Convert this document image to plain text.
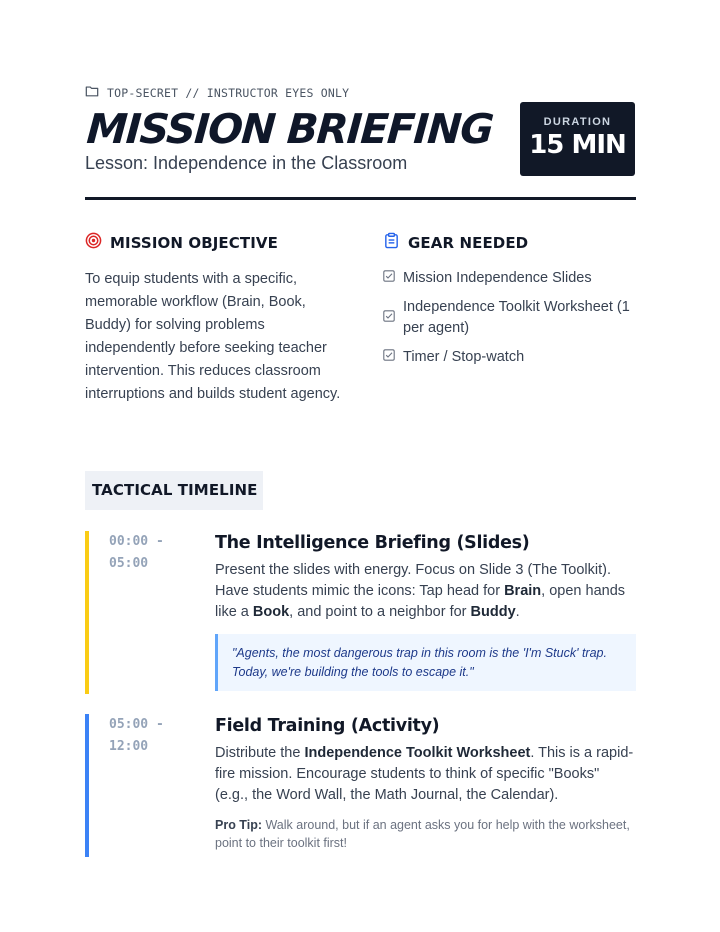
TOP-SECRET // INSTRUCTOR EYES ONLY
MISSION BRIEFING
Lesson: Independence in the Classroom
DURATION
15 MIN
MISSION OBJECTIVE

To equip students with a specific, memorable workflow (Brain, Book, Buddy) for solving problems independently before seeking teacher intervention. This reduces classroom interruptions and builds student agency.

GEAR NEEDED
Mission Independence Slides
Independence Toolkit Worksheet (1 per agent)
Timer / Stop-watch
TACTICAL TIMELINE
00:00 -
05:00
The Intelligence Briefing (Slides)

Present the slides with energy. Focus on Slide 3 (The Toolkit). Have students mimic the icons: Tap head for Brain, open hands like a Book, and point to a neighbor for Buddy.

"Agents, the most dangerous trap in this room is the 'I'm Stuck' trap. Today, we're building the tools to escape it."
05:00 -
12:00
Field Training (Activity)

Distribute the Independence Toolkit Worksheet. This is a rapid-fire mission. Encourage students to think of specific "Books" (e.g., the Word Wall, the Math Journal, the Calendar).

Pro Tip: Walk around, but if an agent asks you for help with the worksheet, point to their toolkit first!
